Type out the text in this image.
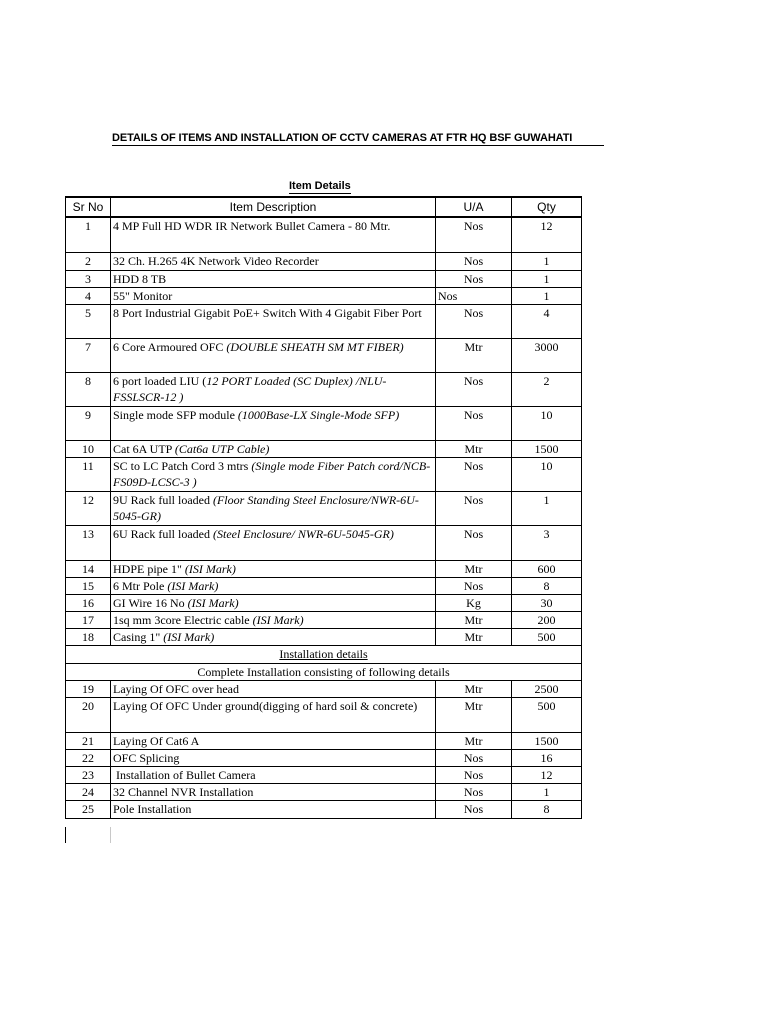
DETAILS OF ITEMS AND INSTALLATION OF CCTV CAMERAS AT FTR HQ BSF GUWAHATI
Item Details
Sr No	Item Description	U/A	Qty
1	4 MP Full HD WDR IR Network Bullet Camera - 80 Mtr.	Nos	12
2	32 Ch. H.265 4K Network Video Recorder	Nos	1
3	HDD 8 TB	Nos	1
4	55" Monitor	Nos	1
5	8 Port Industrial Gigabit PoE+ Switch With 4 Gigabit Fiber Port	Nos	4
7	6 Core Armoured OFC (DOUBLE SHEATH SM MT FIBER)	Mtr	3000
8	6 port loaded LIU (12 PORT Loaded (SC Duplex) /NLU-FSSLSCR-12 )	Nos	2
9	Single mode SFP module (1000Base-LX Single-Mode SFP)	Nos	10
10	Cat 6A UTP (Cat6a UTP Cable)	Mtr	1500
11	SC to LC Patch Cord 3 mtrs (Single mode Fiber Patch cord/NCB-FS09D-LCSC-3 )	Nos	10
12	9U Rack full loaded (Floor Standing Steel Enclosure/NWR-6U-5045-GR)	Nos	1
13	6U Rack full loaded (Steel Enclosure/ NWR-6U-5045-GR)	Nos	3
14	HDPE pipe 1" (ISI Mark)	Mtr	600
15	6 Mtr Pole (ISI Mark)	Nos	8
16	GI Wire 16 No (ISI Mark)	Kg	30
17	1sq mm 3core Electric cable (ISI Mark)	Mtr	200
18	Casing 1" (ISI Mark)	Mtr	500
Installation details			
Complete Installation consisting of following details			
19	Laying Of OFC over head	Mtr	2500
20	Laying Of OFC Under ground(digging of hard soil & concrete)	Mtr	500
21	Laying Of Cat6 A	Mtr	1500
22	OFC Splicing	Nos	16
23	Installation of Bullet Camera	Nos	12
24	32 Channel NVR Installation	Nos	1
25	Pole Installation	Nos	8
